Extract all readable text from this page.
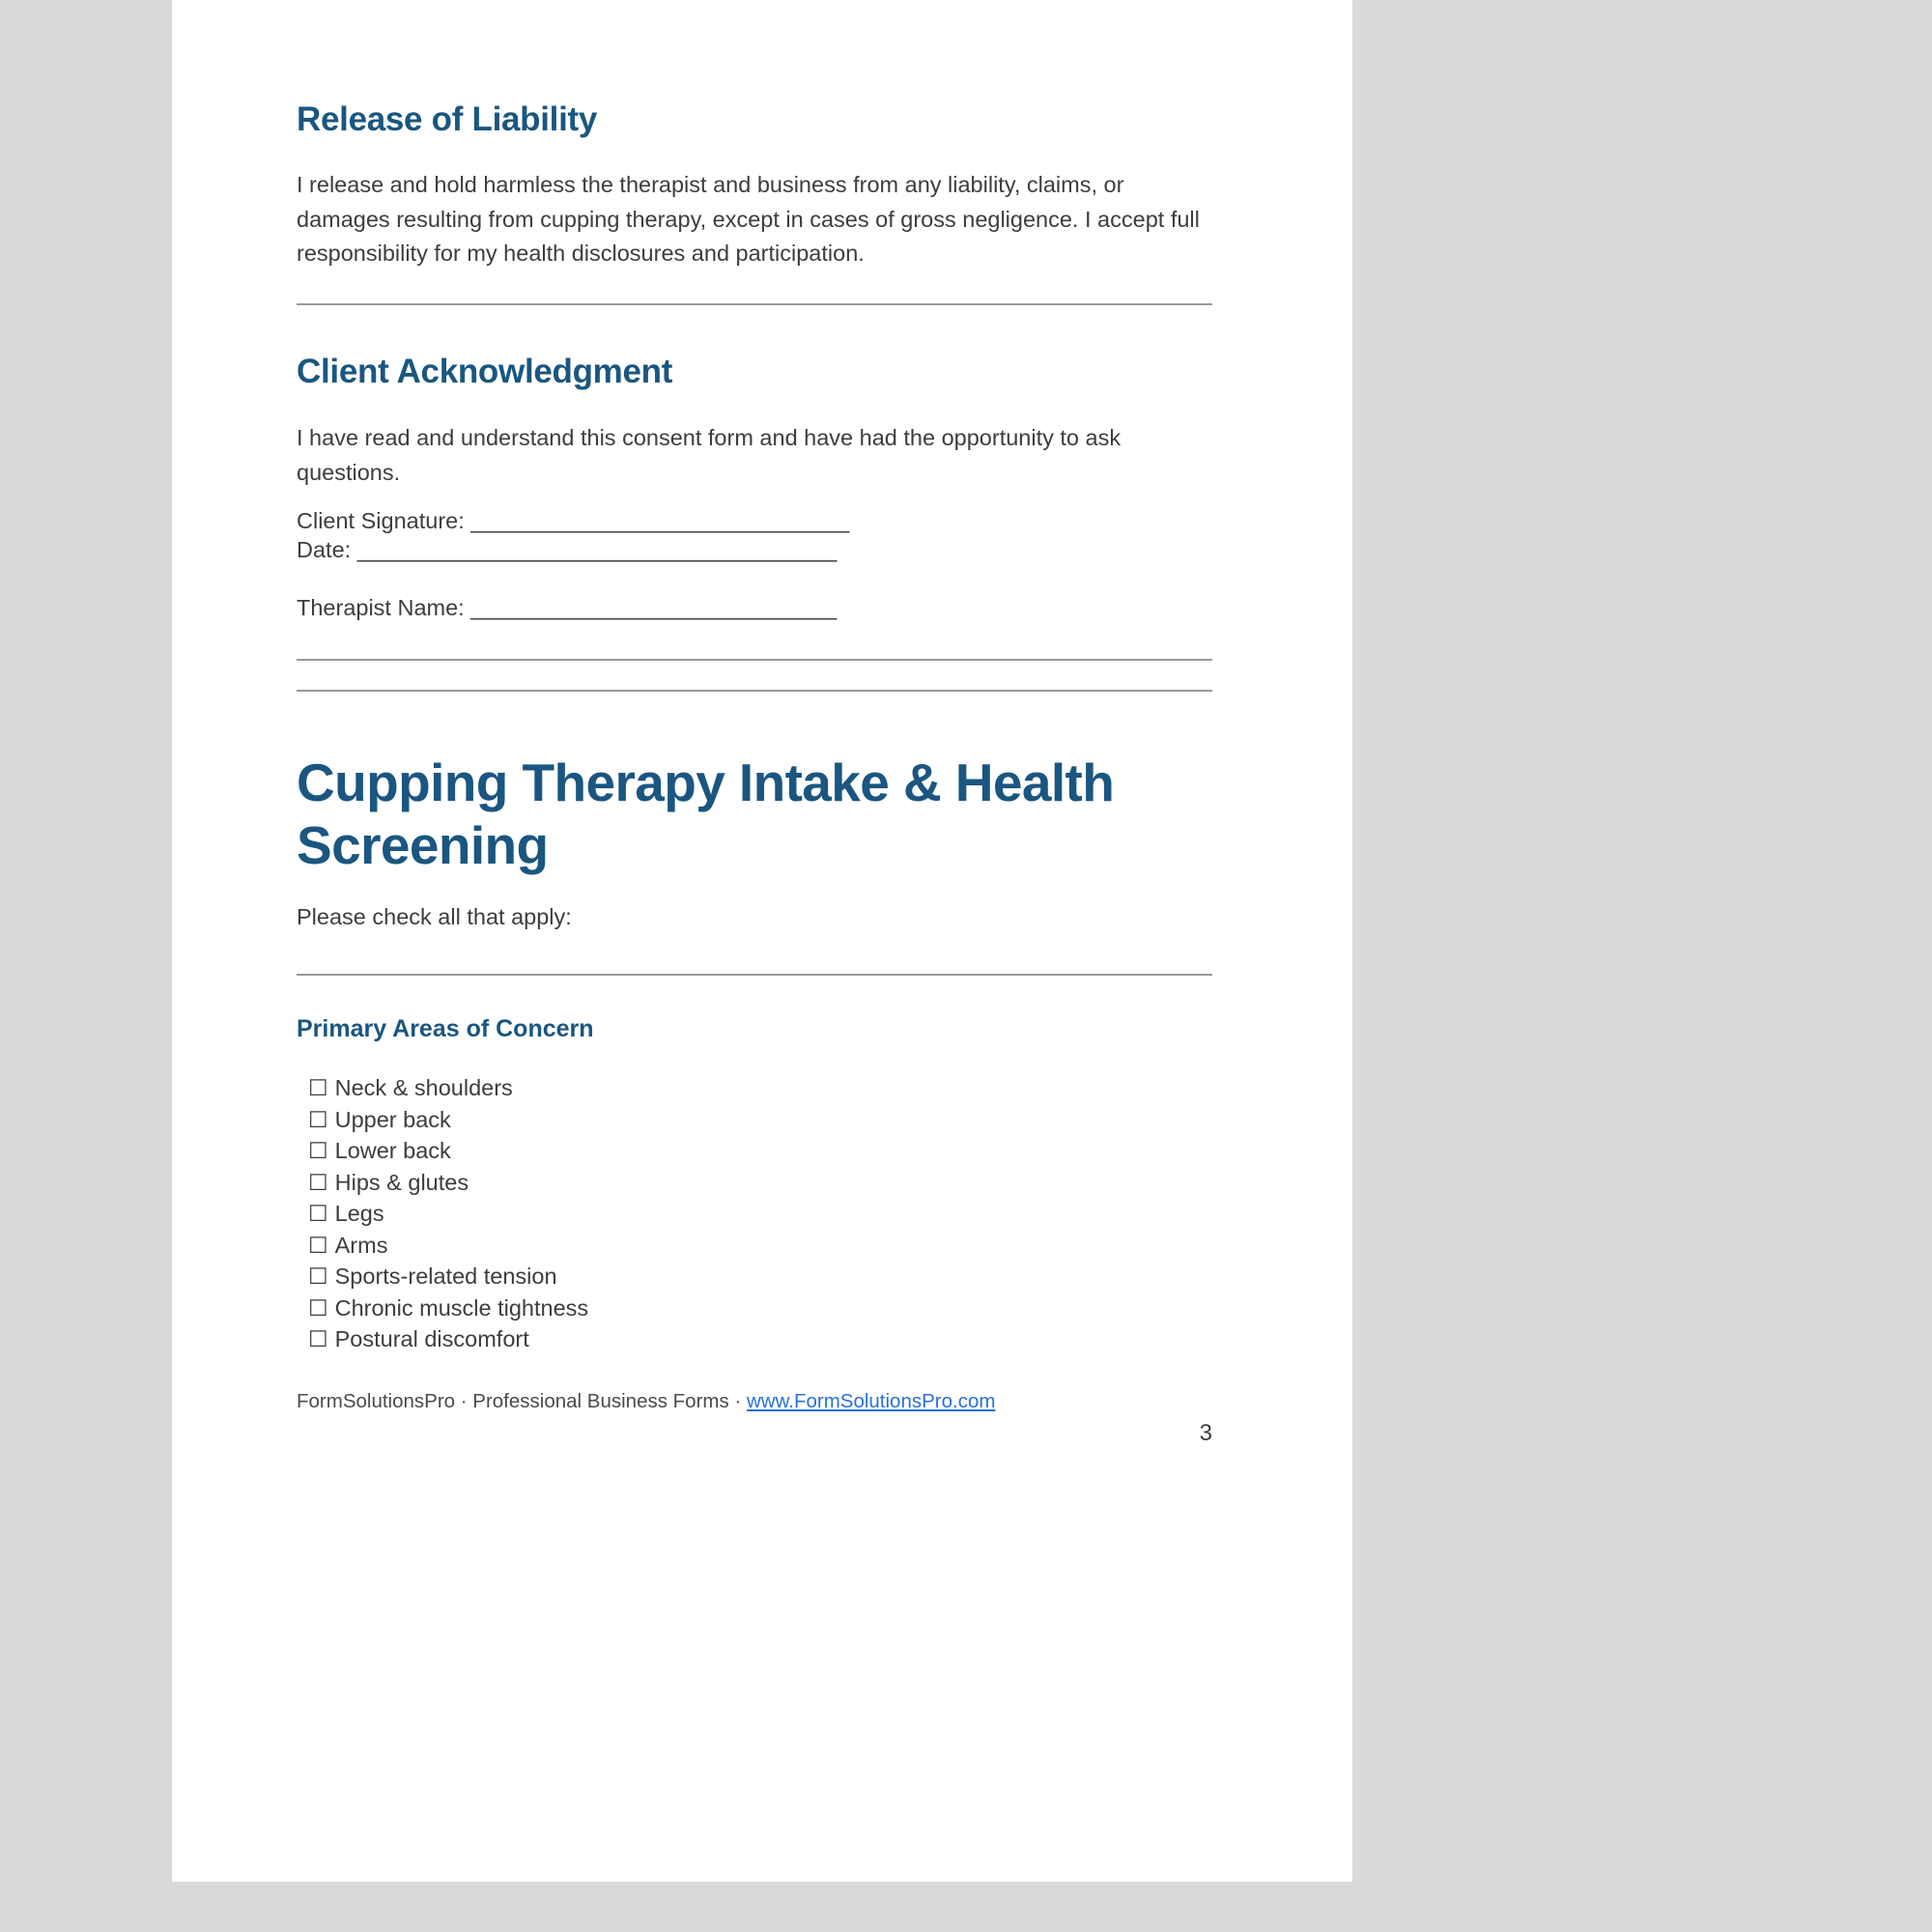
Release of Liability

I release and hold harmless the therapist and business from any liability, claims, or damages resulting from cupping therapy, except in cases of gross negligence. I accept full responsibility for my health disclosures and participation.

Client Acknowledgment

I have read and understand this consent form and have had the opportunity to ask questions.

Client Signature: ______________________________
Date: ______________________________________
Therapist Name: _____________________________
Cupping Therapy Intake & Health Screening

Please check all that apply:

Primary Areas of Concern
☐ Neck & shoulders
☐ Upper back
☐ Lower back
☐ Hips & glutes
☐ Legs
☐ Arms
☐ Sports-related tension
☐ Chronic muscle tightness
☐ Postural discomfort
FormSolutionsPro · Professional Business Forms · www.FormSolutionsPro.com
3
